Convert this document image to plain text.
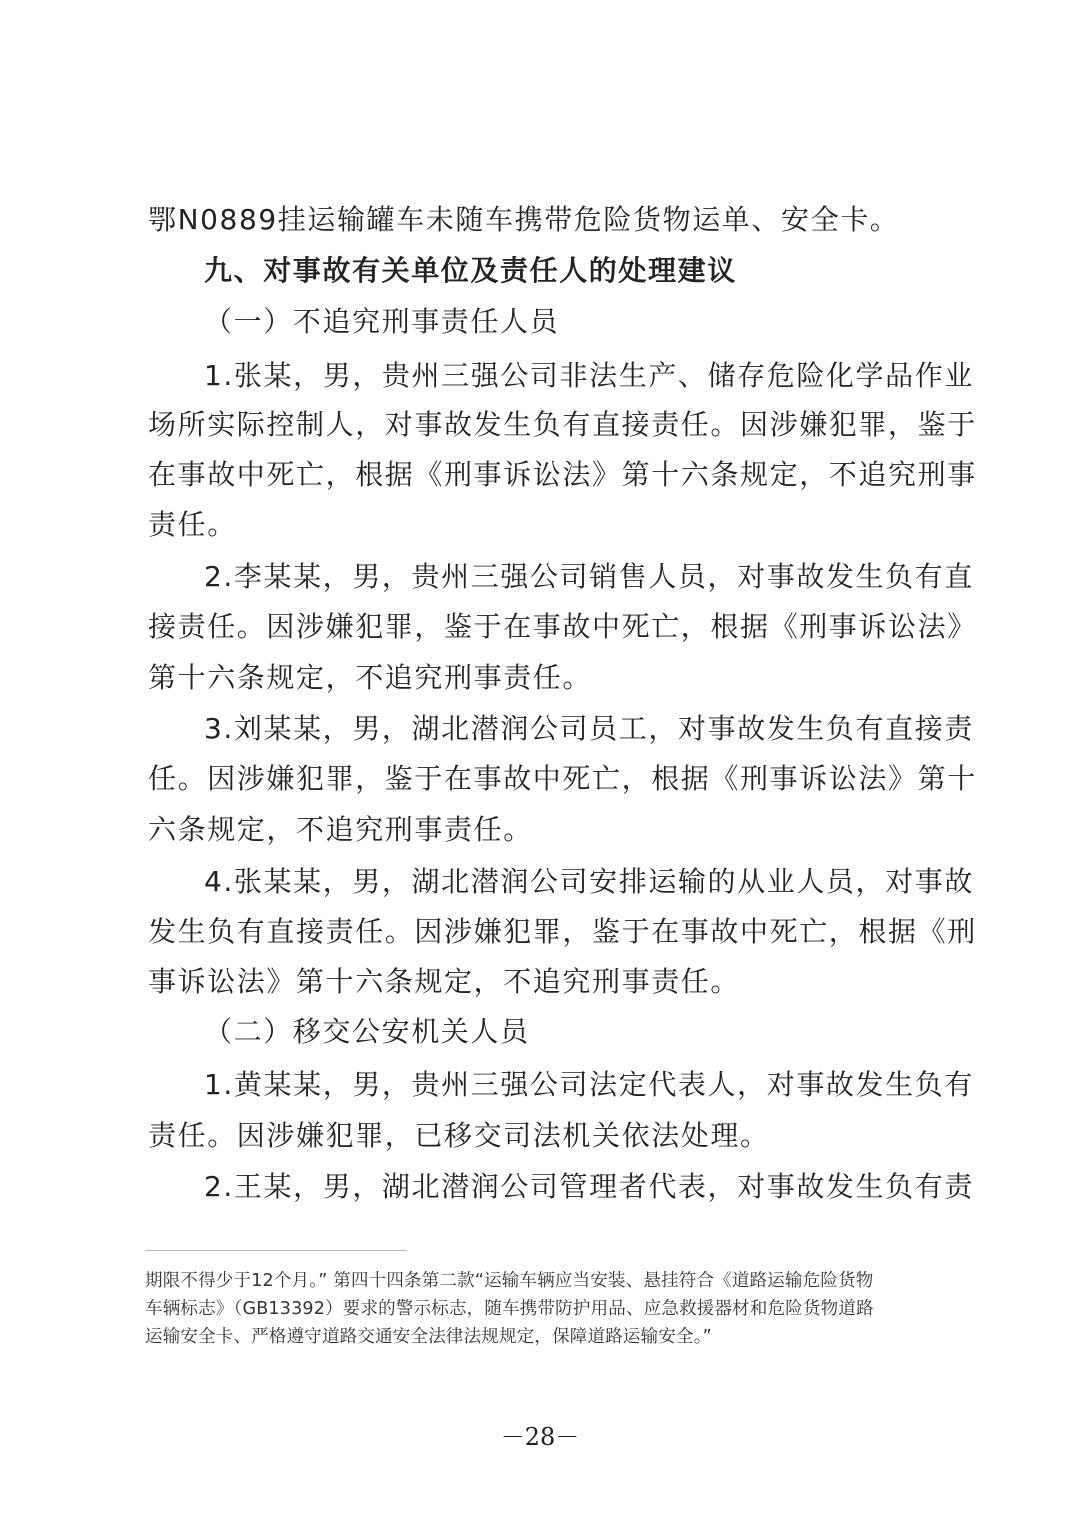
鄂N0889挂运输罐车未随车携带危险货物运单、安全卡。
九、对事故有关单位及责任人的处理建议
（一）不追究刑事责任人员
1.张某，男，贵州三强公司非法生产、储存危险化学品作业
场所实际控制人，对事故发生负有直接责任。因涉嫌犯罪，鉴于
在事故中死亡，根据《刑事诉讼法》第十六条规定，不追究刑事
责任。
2.李某某，男，贵州三强公司销售人员，对事故发生负有直
接责任。因涉嫌犯罪，鉴于在事故中死亡，根据《刑事诉讼法》
第十六条规定，不追究刑事责任。
3.刘某某，男，湖北潜润公司员工，对事故发生负有直接责
任。因涉嫌犯罪，鉴于在事故中死亡，根据《刑事诉讼法》第十
六条规定，不追究刑事责任。
4.张某某，男，湖北潜润公司安排运输的从业人员，对事故
发生负有直接责任。因涉嫌犯罪，鉴于在事故中死亡，根据《刑
事诉讼法》第十六条规定，不追究刑事责任。
（二）移交公安机关人员
1.黄某某，男，贵州三强公司法定代表人，对事故发生负有
责任。因涉嫌犯罪，已移交司法机关依法处理。
2.王某，男，湖北潜润公司管理者代表，对事故发生负有责
期限不得少于12个月。” 第四十四条第二款“运输车辆应当安装、悬挂符合《道路运输危险货物
车辆标志》（GB13392）要求的警示标志，随车携带防护用品、应急救援器材和危险货物道路
运输安全卡、严格遵守道路交通安全法律法规规定，保障道路运输安全。”
－28－
